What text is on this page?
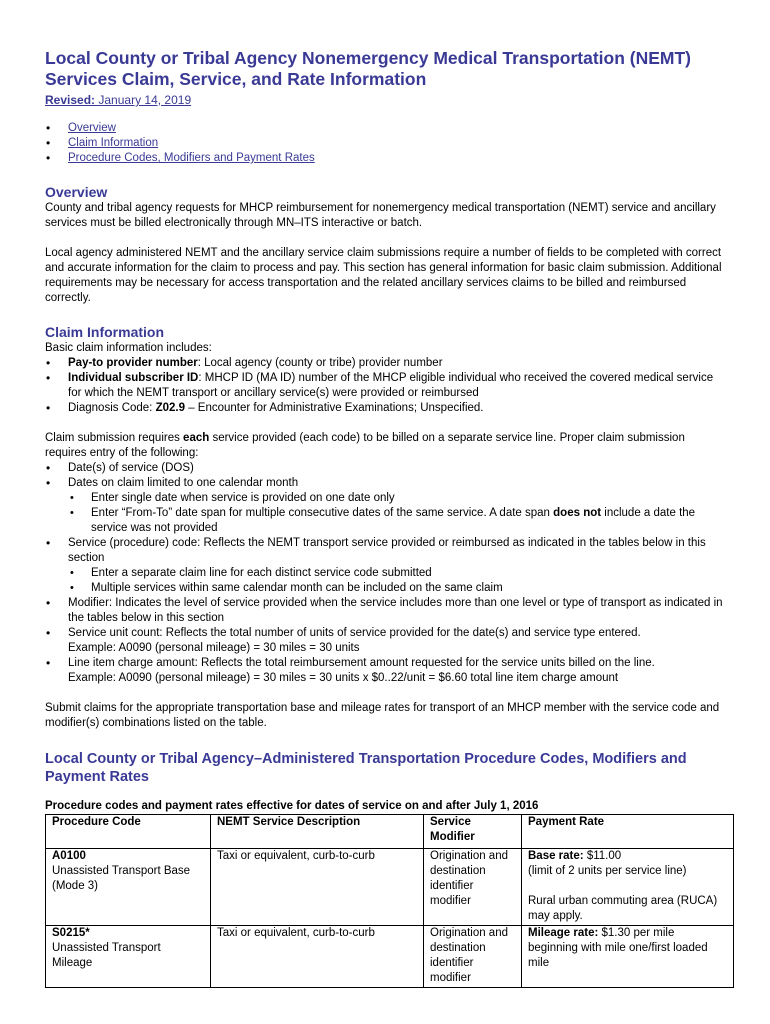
Local County or Tribal Agency Nonemergency Medical Transportation (NEMT) Services Claim, Service, and Rate Information
Revised: January 14, 2019
• Overview
• Claim Information
• Procedure Codes, Modifiers and Payment Rates
Overview

County and tribal agency requests for MHCP reimbursement for nonemergency medical transportation (NEMT) service and ancillary services must be billed electronically through MN–ITS interactive or batch.

Local agency administered NEMT and the ancillary service claim submissions require a number of fields to be completed with correct and accurate information for the claim to process and pay. This section has general information for basic claim submission. Additional requirements may be necessary for access transportation and the related ancillary services claims to be billed and reimbursed correctly.

Claim Information

Basic claim information includes:

• Pay-to provider number: Local agency (county or tribe) provider number
• Individual subscriber ID: MHCP ID (MA ID) number of the MHCP eligible individual who received the covered medical service for which the NEMT transport or ancillary service(s) were provided or reimbursed
• Diagnosis Code: Z02.9 – Encounter for Administrative Examinations; Unspecified.

Claim submission requires each service provided (each code) to be billed on a separate service line. Proper claim submission requires entry of the following:

• Date(s) of service (DOS)
• Dates on claim limited to one calendar month
• Enter single date when service is provided on one date only
• Enter “From-To” date span for multiple consecutive dates of the same service. A date span does not include a date the service was not provided
• Service (procedure) code: Reflects the NEMT transport service provided or reimbursed as indicated in the tables below in this section
• Enter a separate claim line for each distinct service code submitted
• Multiple services within same calendar month can be included on the same claim
• Modifier: Indicates the level of service provided when the service includes more than one level or type of transport as indicated in the tables below in this section
• Service unit count: Reflects the total number of units of service provided for the date(s) and service type entered.
Example: A0090 (personal mileage) = 30 miles = 30 units
• Line item charge amount: Reflects the total reimbursement amount requested for the service units billed on the line.
Example: A0090 (personal mileage) = 30 miles = 30 units x $0..22/unit = $6.60 total line item charge amount

Submit claims for the appropriate transportation base and mileage rates for transport of an MHCP member with the service code and modifier(s) combinations listed on the table.

Local County or Tribal Agency–Administered Transportation Procedure Codes, Modifiers and Payment Rates
Procedure codes and payment rates effective for dates of service on and after July 1, 2016
Procedure Code	NEMT Service Description	Service Modifier	Payment Rate
A0100
Unassisted Transport Base (Mode 3)	Taxi or equivalent, curb-to-curb	Origination and destination identifier modifier	Base rate: $11.00
(limit of 2 units per service line)
Rural urban commuting area (RUCA) may apply.
S0215*
Unassisted Transport Mileage	Taxi or equivalent, curb-to-curb	Origination and destination identifier modifier	Mileage rate: $1.30 per mile beginning with mile one/first loaded mile
